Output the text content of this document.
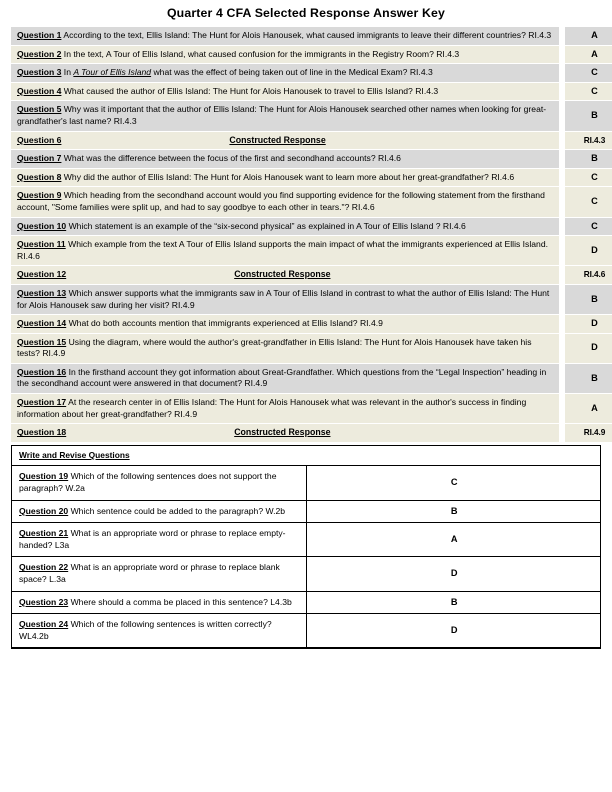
Quarter 4 CFA Selected Response Answer Key
Question 1 According to the text, Ellis Island: The Hunt for Alois Hanousek, what caused immigrants to leave their different countries? RI.4.3		A
Question 2 In the text, A Tour of Ellis Island, what caused confusion for the immigrants in the Registry Room? RI.4.3		A
Question 3 In A Tour of Ellis Island what was the effect of being taken out of line in the Medical Exam? RI.4.3		C
Question 4 What caused the author of Ellis Island: The Hunt for Alois Hanousek to travel to Ellis Island? RI.4.3		C
Question 5 Why was it important that the author of Ellis Island: The Hunt for Alois Hanousek searched other names when looking for great-grandfather's last name? RI.4.3		B
Question 6 Constructed Response		RI.4.3
Question 7 What was the difference between the focus of the first and secondhand accounts? RI.4.6		B
Question 8 Why did the author of Ellis Island: The Hunt for Alois Hanousek want to learn more about her great-grandfather? RI.4.6		C
Question 9 Which heading from the secondhand account would you find supporting evidence for the following statement from the firsthand account, "Some families were split up, and had to say goodbye to each other in tears."? RI.4.6		C
Question 10 Which statement is an example of the “six-second physical” as explained in A Tour of Ellis Island ? RI.4.6		C
Question 11 Which example from the text A Tour of Ellis Island supports the main impact of what the immigrants experienced at Ellis Island. RI.4.6		D
Question 12 Constructed Response		RI.4.6
Question 13 Which answer supports what the immigrants saw in A Tour of Ellis Island in contrast to what the author of Ellis Island: The Hunt for Alois Hanousek saw during her visit? RI.4.9		B
Question 14 What do both accounts mention that immigrants experienced at Ellis Island? RI.4.9		D
Question 15 Using the diagram, where would the author's great-grandfather in Ellis Island: The Hunt for Alois Hanousek have taken his tests? RI.4.9		D
Question 16 In the firsthand account they got information about Great-Grandfather. Which questions from the “Legal Inspection” heading in the secondhand account were answered in that document? RI.4.9		B
Question 17 At the research center in of Ellis Island: The Hunt for Alois Hanousek what was relevant in the author's success in finding information about her great-grandfather? RI.4.9		A
Question 18 Constructed Response		RI.4.9
Write and Revise Questions	
Question 19 Which of the following sentences does not support the paragraph? W.2a	C
Question 20 Which sentence could be added to the paragraph? W.2b	B
Question 21 What is an appropriate word or phrase to replace empty-handed? L3a	A
Question 22 What is an appropriate word or phrase to replace blank space? L.3a	D
Question 23 Where should a comma be placed in this sentence? L4.3b	B
Question 24 Which of the following sentences is written correctly? WL4.2b	D
